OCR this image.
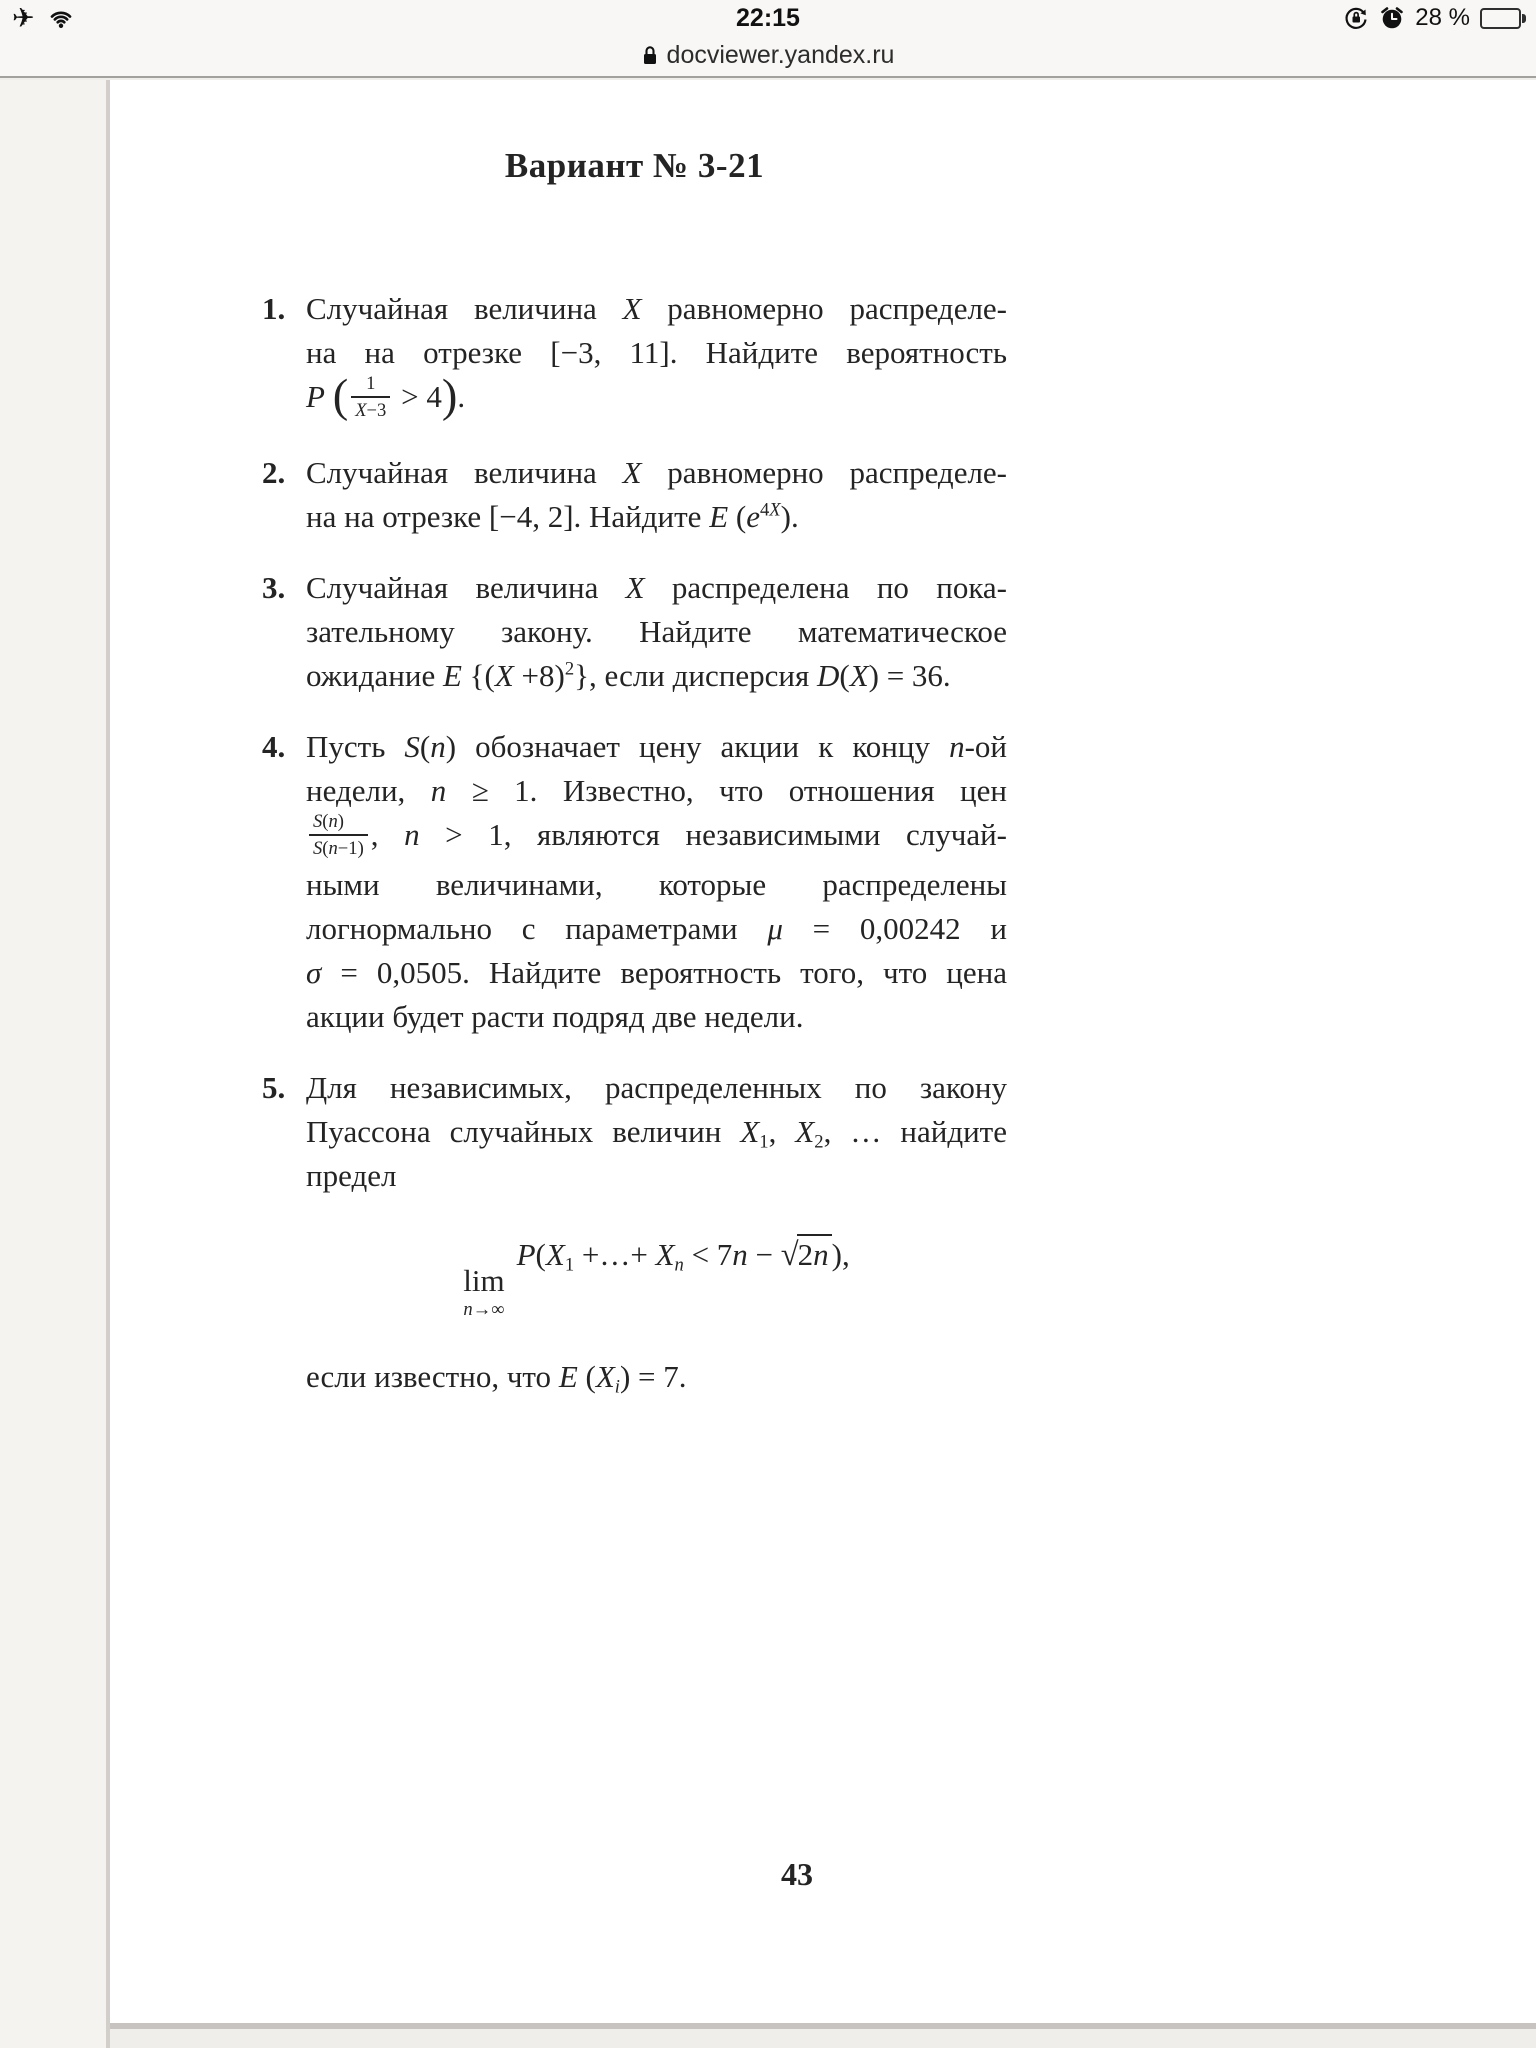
✈	22:15	28 %
docviewer.yandex.ru
Вариант № 3-21
1. Случайная величина X равномерно распределе-
на на отрезке [−3, 11]. Найдите вероятность
P ( $\frac{1}{X-3} > 4$).
2. Случайная величина X равномерно распределе-
на на отрезке [−4, 2]. Найдите E $(e^{4X})$.
3. Случайная величина X распределена по пока-
зательному закону. Найдите математическое
ожидание E $\{(X +8)^2\}$, если дисперсия D(X) = 36.
4. Пусть S(n) обозначает цену акции к концу n-ой
недели, n ≥ 1. Известно, что отношения цен
$\frac{S(n)}{S(n-1)}$ , n > 1, являются независимыми случай-
ными величинами, которые распределены
логнормально с параметрами μ = 0,00242 и
σ = 0,0505. Найдите вероятность того, что цена
акции будет расти подряд две недели.
5. Для независимых, распределенных по закону
Пуассона случайных величин $X_1$, $X_2$, … найдите
предел
lim
n→∞
$P(X_1$ +…+ $X_n < 7n - √2n$),
если известно, что E $(X_i) = 7$.
43
